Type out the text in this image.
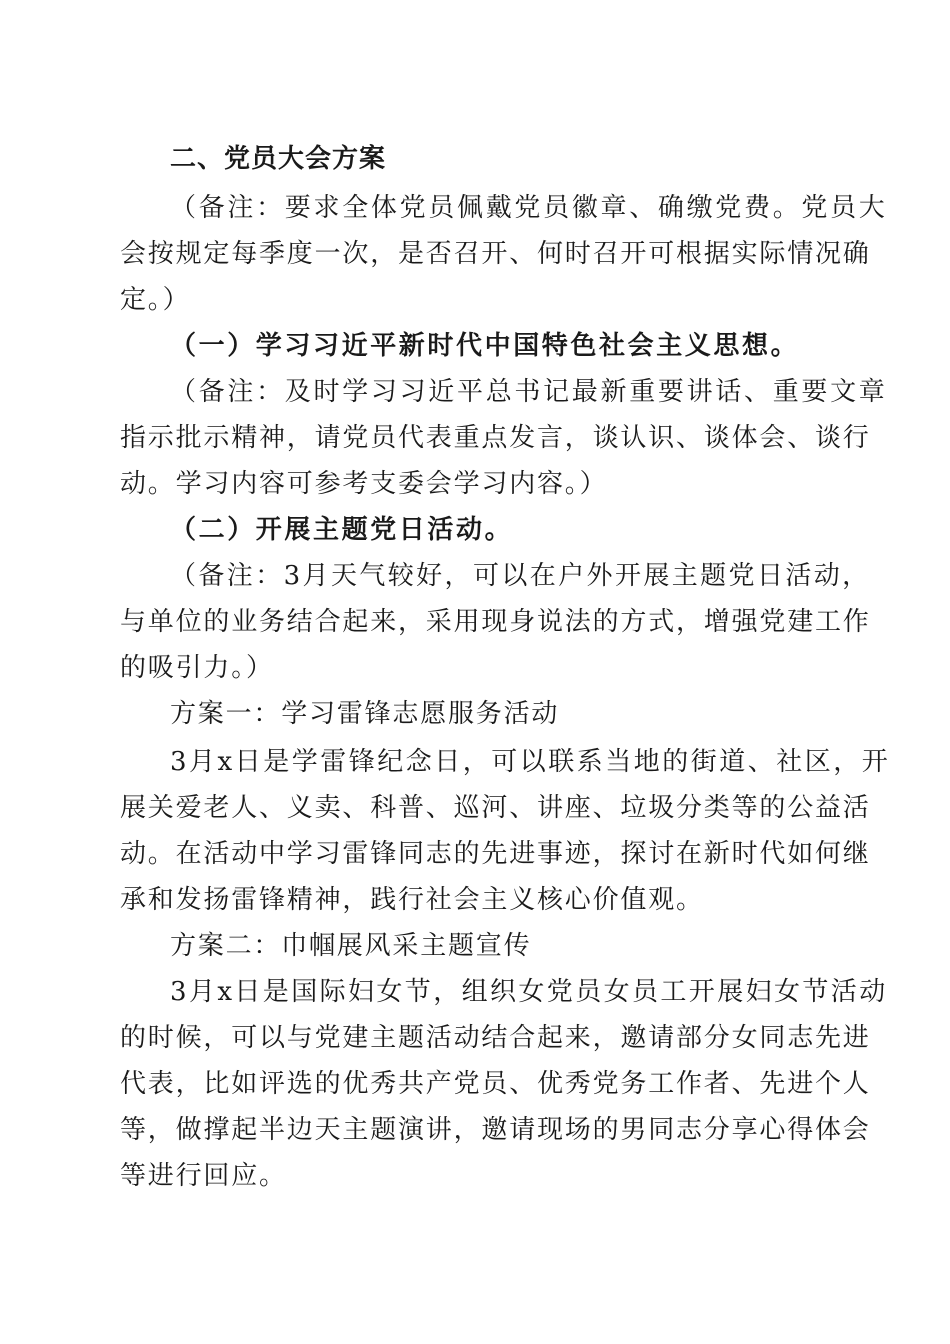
二、党员大会方案
（备注：要求全体党员佩戴党员徽章、确缴党费。党员大
会按规定每季度一次，是否召开、何时召开可根据实际情况确
定。）
（一）学习习近平新时代中国特色社会主义思想。
（备注：及时学习习近平总书记最新重要讲话、重要文章
指示批示精神，请党员代表重点发言，谈认识、谈体会、谈行
动。学习内容可参考支委会学习内容。）
（二）开展主题党日活动。
（备注：3月天气较好，可以在户外开展主题党日活动，
与单位的业务结合起来，采用现身说法的方式，增强党建工作
的吸引力。）
方案一：学习雷锋志愿服务活动
3月x日是学雷锋纪念日，可以联系当地的街道、社区，开
展关爱老人、义卖、科普、巡河、讲座、垃圾分类等的公益活
动。在活动中学习雷锋同志的先进事迹，探讨在新时代如何继
承和发扬雷锋精神，践行社会主义核心价值观。
方案二：巾帼展风采主题宣传
3月x日是国际妇女节，组织女党员女员工开展妇女节活动
的时候，可以与党建主题活动结合起来，邀请部分女同志先进
代表，比如评选的优秀共产党员、优秀党务工作者、先进个人
等，做撑起半边天主题演讲，邀请现场的男同志分享心得体会
等进行回应。
